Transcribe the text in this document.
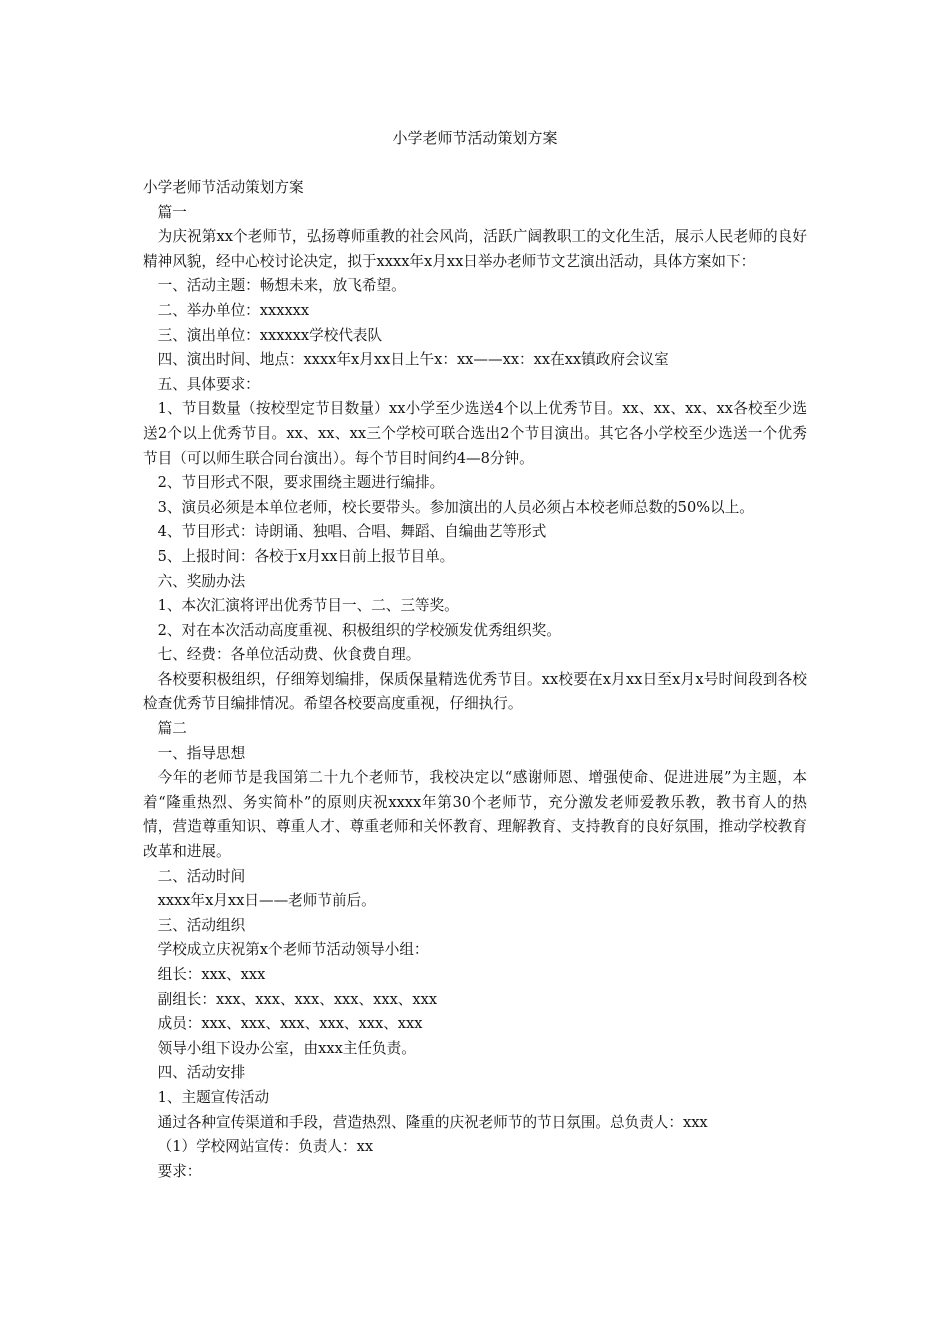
小学老师节活动策划方案

小学老师节活动策划方案

篇一

为庆祝第xx个老师节，弘扬尊师重教的社会风尚，活跃广阔教职工的文化生活，展示人民老师的良好精神风貌，经中心校讨论决定，拟于xxxx年x月xx日举办老师节文艺演出活动，具体方案如下：

一、活动主题：畅想未来，放飞希望。

二、举办单位：xxxxxx

三、演出单位：xxxxxx学校代表队

四、演出时间、地点：xxxx年x月xx日上午x：xx——xx：xx在xx镇政府会议室

五、具体要求：

1、节目数量（按校型定节目数量）xx小学至少选送4个以上优秀节目。xx、xx、xx、xx各校至少选送2个以上优秀节目。xx、xx、xx三个学校可联合选出2个节目演出。其它各小学校至少选送一个优秀节目（可以师生联合同台演出）。每个节目时间约4—8分钟。

2、节目形式不限，要求围绕主题进行编排。

3、演员必须是本单位老师，校长要带头。参加演出的人员必须占本校老师总数的50%以上。

4、节目形式：诗朗诵、独唱、合唱、舞蹈、自编曲艺等形式

5、上报时间：各校于x月xx日前上报节目单。

六、奖励办法

1、本次汇演将评出优秀节目一、二、三等奖。

2、对在本次活动高度重视、积极组织的学校颁发优秀组织奖。

七、经费：各单位活动费、伙食费自理。

各校要积极组织，仔细筹划编排，保质保量精选优秀节目。xx校要在x月xx日至x月x号时间段到各校检查优秀节目编排情况。希望各校要高度重视，仔细执行。

篇二

一、指导思想

今年的老师节是我国第二十九个老师节，我校决定以“感谢师恩、增强使命、促进进展”为主题，本着“隆重热烈、务实简朴”的原则庆祝xxxx年第30个老师节，充分激发老师爱教乐教，教书育人的热情，营造尊重知识、尊重人才、尊重老师和关怀教育、理解教育、支持教育的良好氛围，推动学校教育改革和进展。

二、活动时间

xxxx年x月xx日——老师节前后。

三、活动组织

学校成立庆祝第x个老师节活动领导小组：

组长：xxx、xxx

副组长：xxx、xxx、xxx、xxx、xxx、xxx

成员：xxx、xxx、xxx、xxx、xxx、xxx

领导小组下设办公室，由xxx主任负责。

四、活动安排

1、主题宣传活动

通过各种宣传渠道和手段，营造热烈、隆重的庆祝老师节的节日氛围。总负责人：xxx

（1）学校网站宣传：负责人：xx

要求：
